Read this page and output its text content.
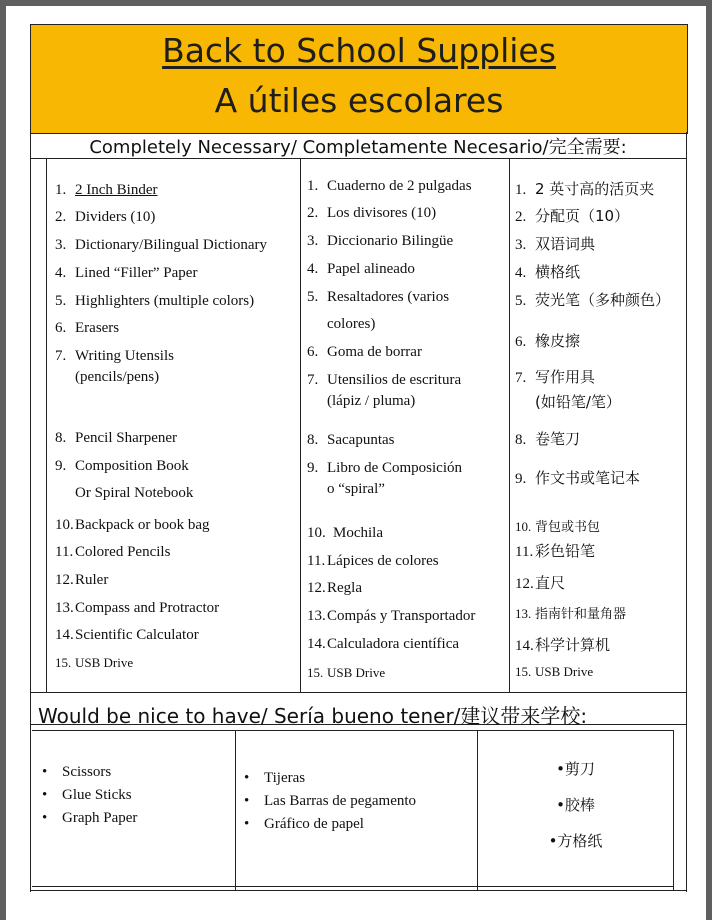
Back to School Supplies
A útiles escolares
Completely Necessary/ Completamente Necesario/完全需要:
1. 2 Inch Binder
2. Dividers (10)
3. Dictionary/Bilingual Dictionary
4. Lined “Filler” Paper
5. Highlighters (multiple colors)
6. Erasers
7. Writing Utensils
(pencils/pens)
8. Pencil Sharpener
9. Composition Book
Or Spiral Notebook
10.Backpack or book bag
11. Colored Pencils
12.Ruler
13.Compass and Protractor
14.Scientific Calculator
15. USB Drive
1. Cuaderno de 2 pulgadas
2. Los divisores (10)
3. Diccionario Bilingüe
4. Papel alineado
5. Resaltadores (varios
colores)
6. Goma de borrar
7. Utensilios de escritura
(lápiz / pluma)
8. Sacapuntas
9. Libro de Composición
o “spiral”
10. Mochila
11. Lápices de colores
12.Regla
13.Compás y Transportador
14.Calculadora científica
15. USB Drive
1. 2 英寸高的活页夹
2. 分配页（10）
3. 双语词典
4. 横格纸
5. 荧光笔（多种颜色）
6. 橡皮擦
7. 写作用具
(如铅笔/笔）
8. 卷笔刀
9. 作文书或笔记本
10. 背包或书包
11. 彩色铅笔
12.直尺
13. 指南针和量角器
14.科学计算机
15. USB Drive
Would be nice to have/ Sería bueno tener/建议带来学校:
• Scissors
• Glue Sticks
• Graph Paper
• Tijeras
• Las Barras de pegamento
• Gráfico de papel
•剪刀
•胶棒
•方格纸
